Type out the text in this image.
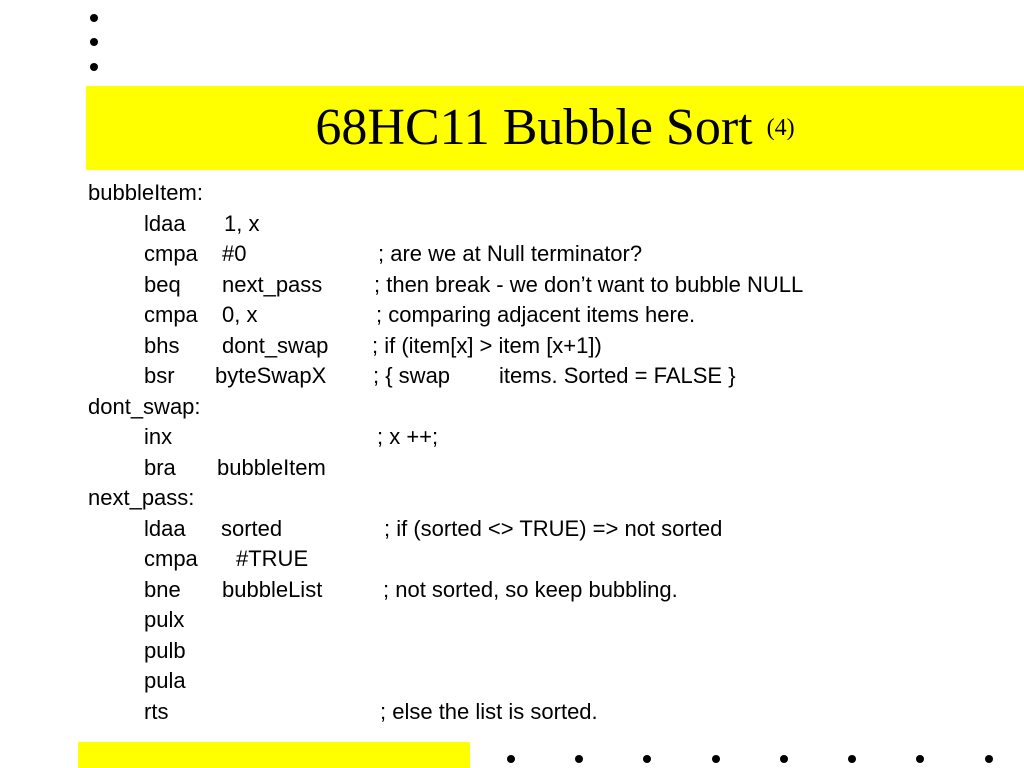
68HC11 Bubble Sort (4)
bubbleItem:
ldaa 1, x
cmpa #0	; are we at Null terminator?
beq next_pass ; then break - we don’t want to bubble NULL
cmpa 0, x	; comparing adjacent items here.
bhs dont_swap ; if (item[x] > item [x+1])
bsr byteSwapX ; { swap        items. Sorted = FALSE }
dont_swap:
inx	; x ++;
bra bubbleItem
next_pass:
ldaa sorted	; if (sorted <> TRUE) => not sorted
cmpa #TRUE
bne bubbleList	; not sorted, so keep bubbling.
pulx
pulb
pula
rts	; else the list is sorted.
